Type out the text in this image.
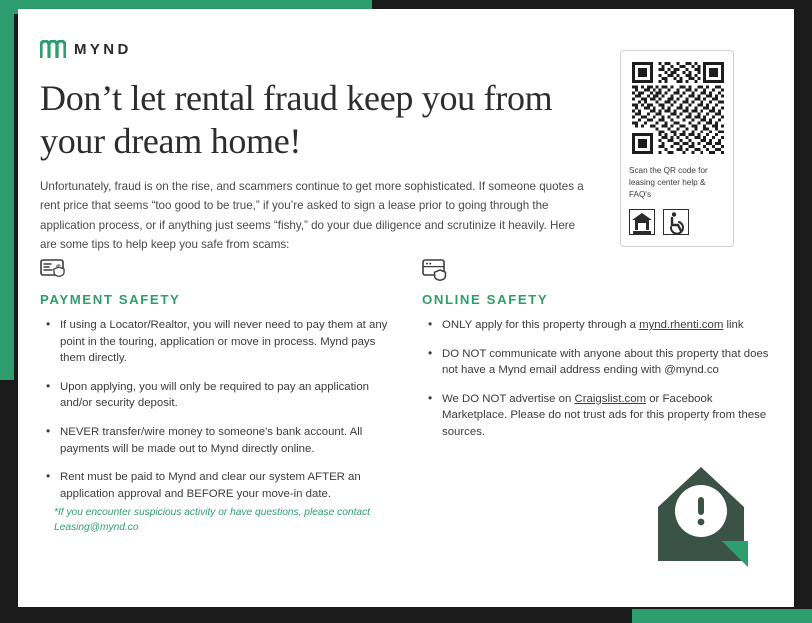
MYND
Don’t let rental fraud keep you from your dream home!
Unfortunately, fraud is on the rise, and scammers continue to get more sophisticated. If someone quotes a rent price that seems “too good to be true,” if you’re asked to sign a lease prior to going through the application process, or if anything just seems “fishy,” do your due diligence and scrutinize it heavily. Here are some tips to help keep you safe from scams:
Scan the QR code for leasing center help & FAQ's
PAYMENT SAFETY
• If using a Locator/Realtor, you will never need to pay them at any point in the touring, application or move in process. Mynd pays them directly.
• Upon applying, you will only be required to pay an application and/or security deposit.
• NEVER transfer/wire money to someone's bank account. All payments will be made out to Mynd directly online.
• Rent must be paid to Mynd and clear our system AFTER an application approval and BEFORE your move-in date.
ONLINE SAFETY
• ONLY apply for this property through a mynd.rhenti.com link
• DO NOT communicate with anyone about this property that does not have a Mynd email address ending with @mynd.co
• We DO NOT advertise on Craigslist.com or Facebook Marketplace. Please do not trust ads for this property from these sources.
*If you encounter suspicious activity or have questions, please contact Leasing@mynd.co
